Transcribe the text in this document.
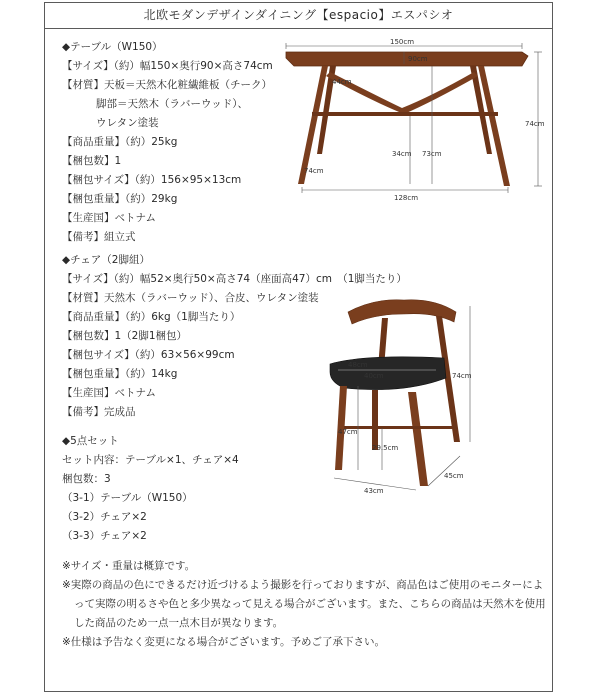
北欧モダンデザインダイニング【espacio】エスパシオ
◆テーブル（W150）
【サイズ】（約）幅150×奥行90×高さ74cm
【材質】天板＝天然木化粧繊維板（チーク）
脚部＝天然木（ラバーウッド）、
ウレタン塗装
【商品重量】（約）25kg
【梱包数】1
【梱包サイズ】（約）156×95×13cm
【梱包重量】（約）29kg
【生産国】ベトナム
【備考】組立式
◆チェア（2脚組）
【サイズ】（約）幅52×奥行50×高さ74（座面高47）cm　（1脚当たり）
【材質】天然木（ラバーウッド）、合皮、ウレタン塗装
【商品重量】（約）6kg（1脚当たり）
【梱包数】1（2脚1梱包）
【梱包サイズ】（約）63×56×99cm
【梱包重量】（約）14kg
【生産国】ベトナム
【備考】完成品
◆5点セット
セット内容：テーブル×1、チェア×4
梱包数：3
（3-1）テーブル（W150）
（3-2）チェア×2
（3-3）チェア×2
150cm
90cm
44cm
74cm
73cm
34cm
74cm
128cm
48cm
40cm	74cm
47cm
29.5cm
43cm
45cm
※サイズ・重量は概算です。
※実際の商品の色にできるだけ近づけるよう撮影を行っておりますが、商品色はご使用のモニターによって実際の明るさや色と多少異なって見える場合がございます。また、こちらの商品は天然木を使用した商品のため一点一点木目が異なります。
※仕様は予告なく変更になる場合がございます。予めご了承下さい。
